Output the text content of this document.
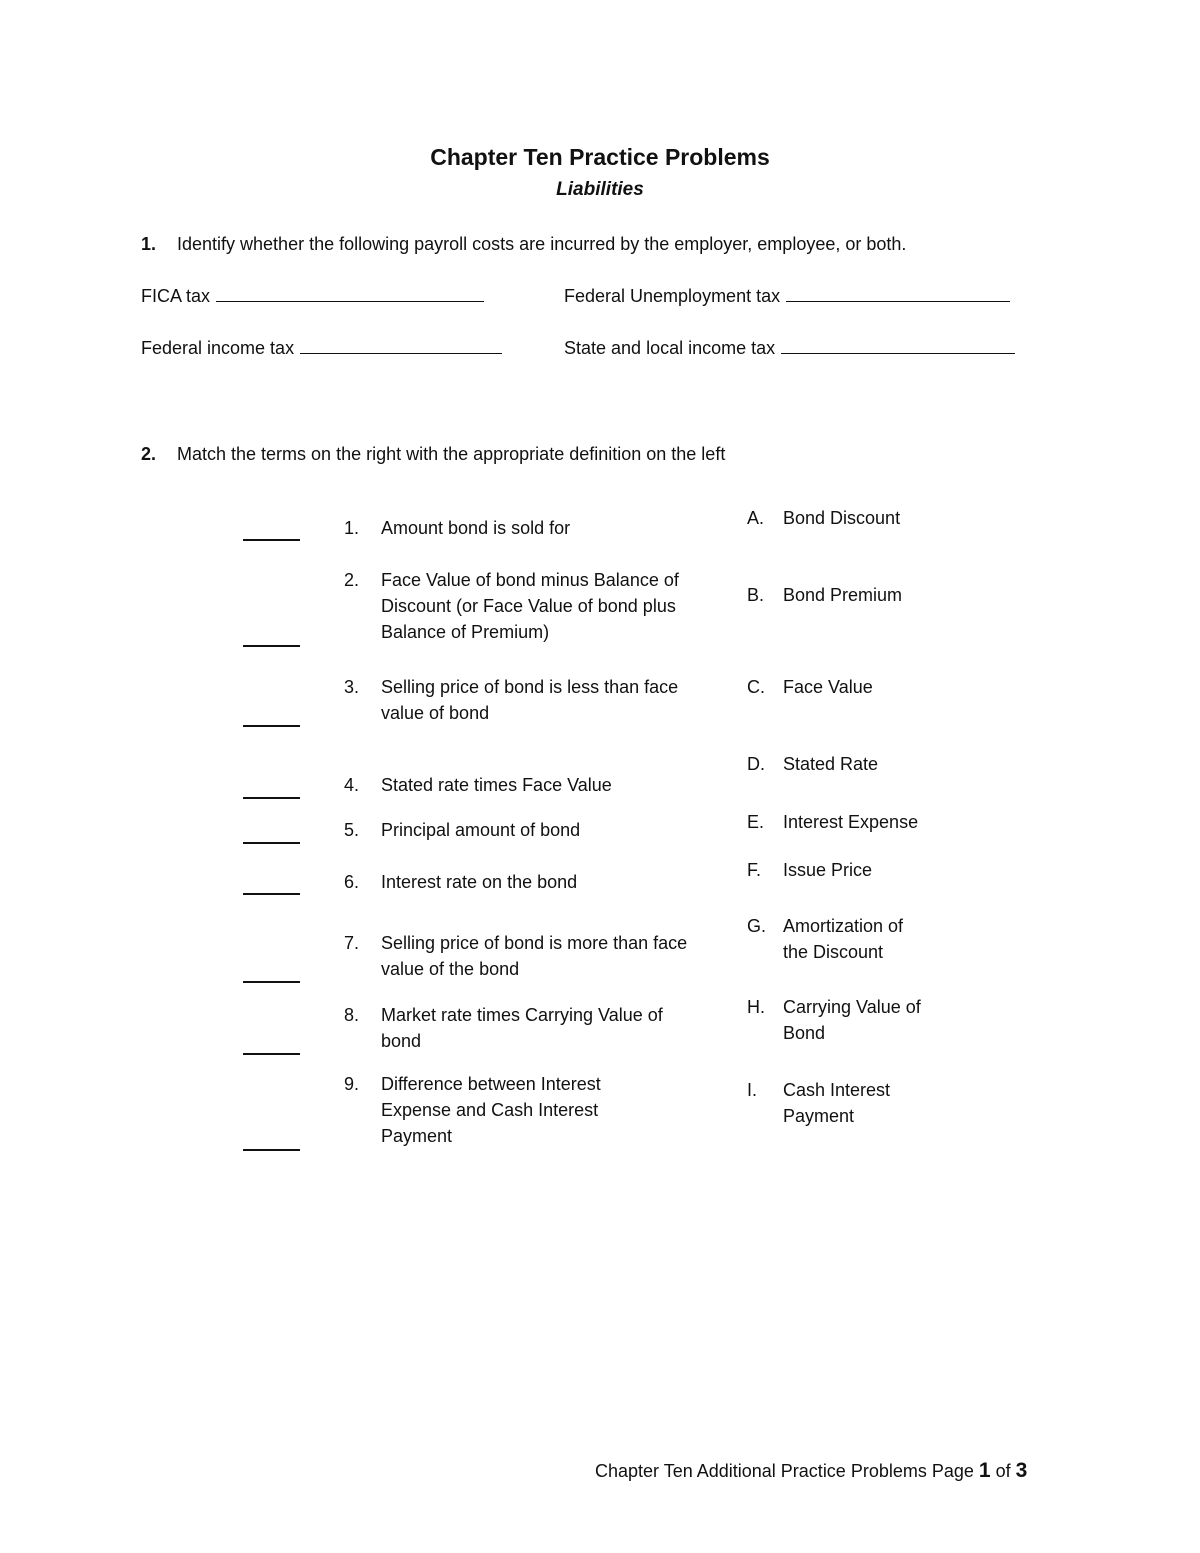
Chapter Ten Practice Problems
Liabilities
1. Identify whether the following payroll costs are incurred by the employer, employee, or both.
FICA tax	Federal Unemployment tax
Federal income tax	State and local income tax
2. Match the terms on the right with the appropriate definition on the left
1.	Amount bond is sold for
2.	Face Value of bond minus Balance of Discount (or Face Value of bond plus Balance of Premium)
3.	Selling price of bond is less than face value of bond
4.	Stated rate times Face Value
5.	Principal amount of bond
6.	Interest rate on the bond
7.	Selling price of bond is more than face value of the bond
8.	Market rate times Carrying Value of bond
9.	Difference between Interest Expense and Cash Interest Payment
A.	Bond Discount
B.	Bond Premium
C.	Face Value
D.	Stated Rate
E.	Interest Expense
F.	Issue Price
G. Amortization of the Discount
H.	Carrying Value of Bond
I.	Cash Interest Payment
Chapter Ten Additional Practice Problems Page 1 of 3
